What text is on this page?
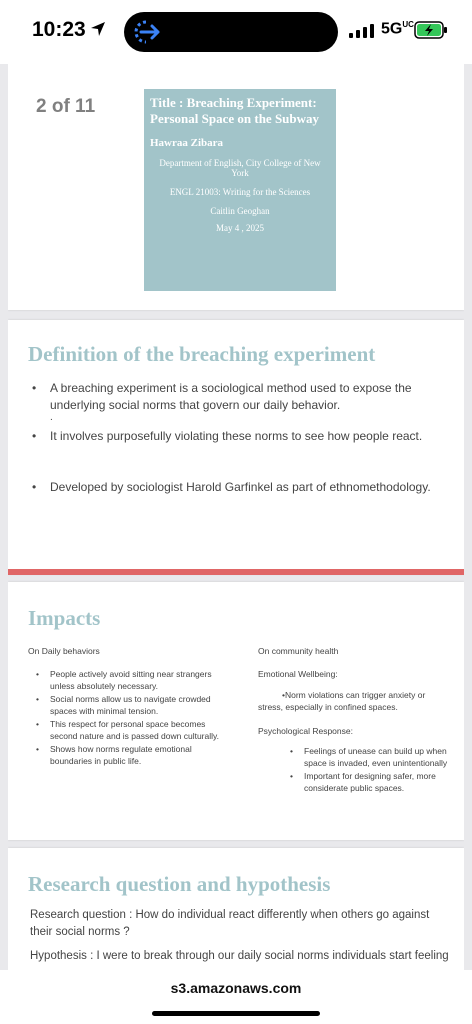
10:23	$5G^{UC}$
2 of 11	Title : Breaching Experiment: Personal Space on the Subway
Hawraa Zibara
Department of English, City College of New York
ENGL 21003: Writing for the Sciences
Caitlin Geoghan
May 4 , 2025
Definition of the breaching experiment
• A breaching experiment is a sociological method used to expose the underlying social norms that govern our daily behavior.
.
• It involves purposefully violating these norms to see how people react.
• Developed by sociologist Harold Garfinkel as part of ethnomethodology.
Impacts
On Daily behaviors
• People actively avoid sitting near strangers unless absolutely necessary.
• Social norms allow us to navigate crowded spaces with minimal tension.
• This respect for personal space becomes second nature and is passed down culturally.
• Shows how norms regulate emotional boundaries in public life.
On community health
Emotional Wellbeing:
•Norm violations can trigger anxiety or stress, especially in confined spaces.
Psychological Response:
• Feelings of unease can build up when space is invaded, even unintentionally
• Important for designing safer, more considerate public spaces.
Research question and hypothesis
Research question : How do individual react differently when others go against their social norms ?
Hypothesis : I were to break through our daily social norms individuals start feeling
s3.amazonaws.com
